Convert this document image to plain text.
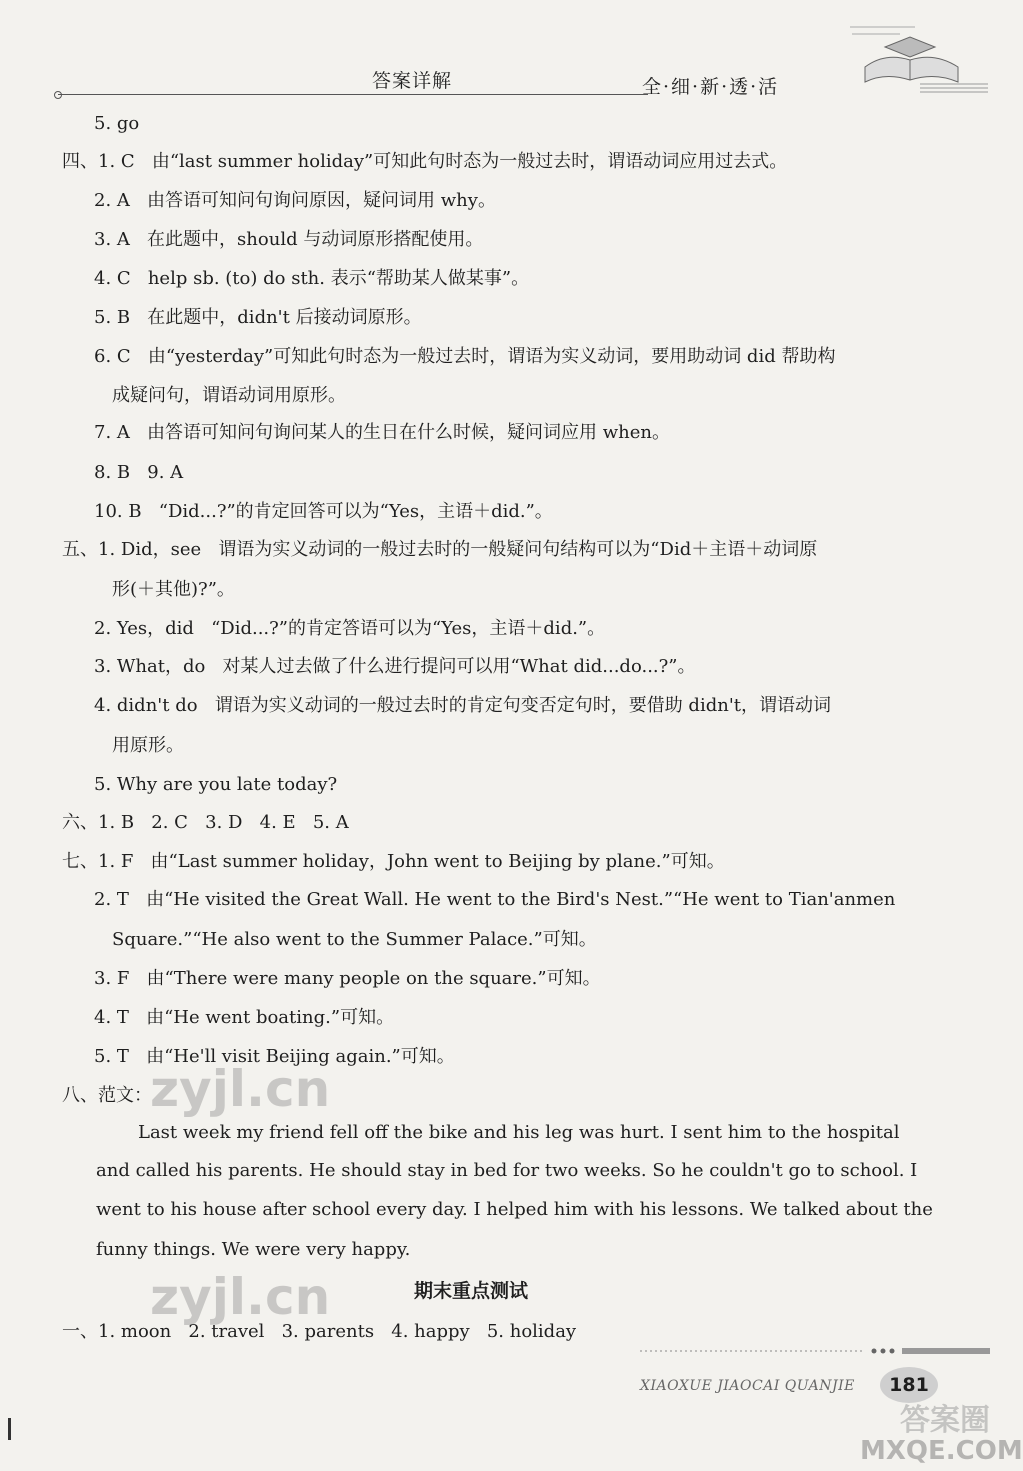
答案详解	全·细·新·透·活
5. go
四、1. C   由“last summer holiday”可知此句时态为一般过去时，谓语动词应用过去式。
2. A   由答语可知问句询问原因，疑问词用 why。
3. A   在此题中，should 与动词原形搭配使用。
4. C   help sb. (to) do sth. 表示“帮助某人做某事”。
5. B   在此题中，didn't 后接动词原形。
6. C   由“yesterday”可知此句时态为一般过去时，谓语为实义动词，要用助动词 did 帮助构
成疑问句，谓语动词用原形。
7. A   由答语可知问句询问某人的生日在什么时候，疑问词应用 when。
8. B   9. A
10. B   “Did...?”的肯定回答可以为“Yes，主语＋did.”。
五、1. Did，see   谓语为实义动词的一般过去时的一般疑问句结构可以为“Did＋主语＋动词原
形(＋其他)?”。
2. Yes，did   “Did...?”的肯定答语可以为“Yes，主语＋did.”。
3. What，do   对某人过去做了什么进行提问可以用“What did...do...?”。
4. didn't do   谓语为实义动词的一般过去时的肯定句变否定句时，要借助 didn't，谓语动词
用原形。
5. Why are you late today?
六、1. B   2. C   3. D   4. E   5. A
七、1. F   由“Last summer holiday，John went to Beijing by plane.”可知。
2. T   由“He visited the Great Wall. He went to the Bird's Nest.”“He went to Tian'anmen
Square.”“He also went to the Summer Palace.”可知。
3. F   由“There were many people on the square.”可知。
4. T   由“He went boating.”可知。
5. T   由“He'll visit Beijing again.”可知。
八、范文：
Last week my friend fell off the bike and his leg was hurt. I sent him to the hospital
and called his parents. He should stay in bed for two weeks. So he couldn't go to school. I
went to his house after school every day. I helped him with his lessons. We talked about the
funny things. We were very happy.
期末重点测试
一、1. moon   2. travel   3. parents   4. happy   5. holiday
zyjl.cn
zyjl.cn
XIAOXUE JIAOCAI QUANJIE	181
答案圈
MXQE.COM
